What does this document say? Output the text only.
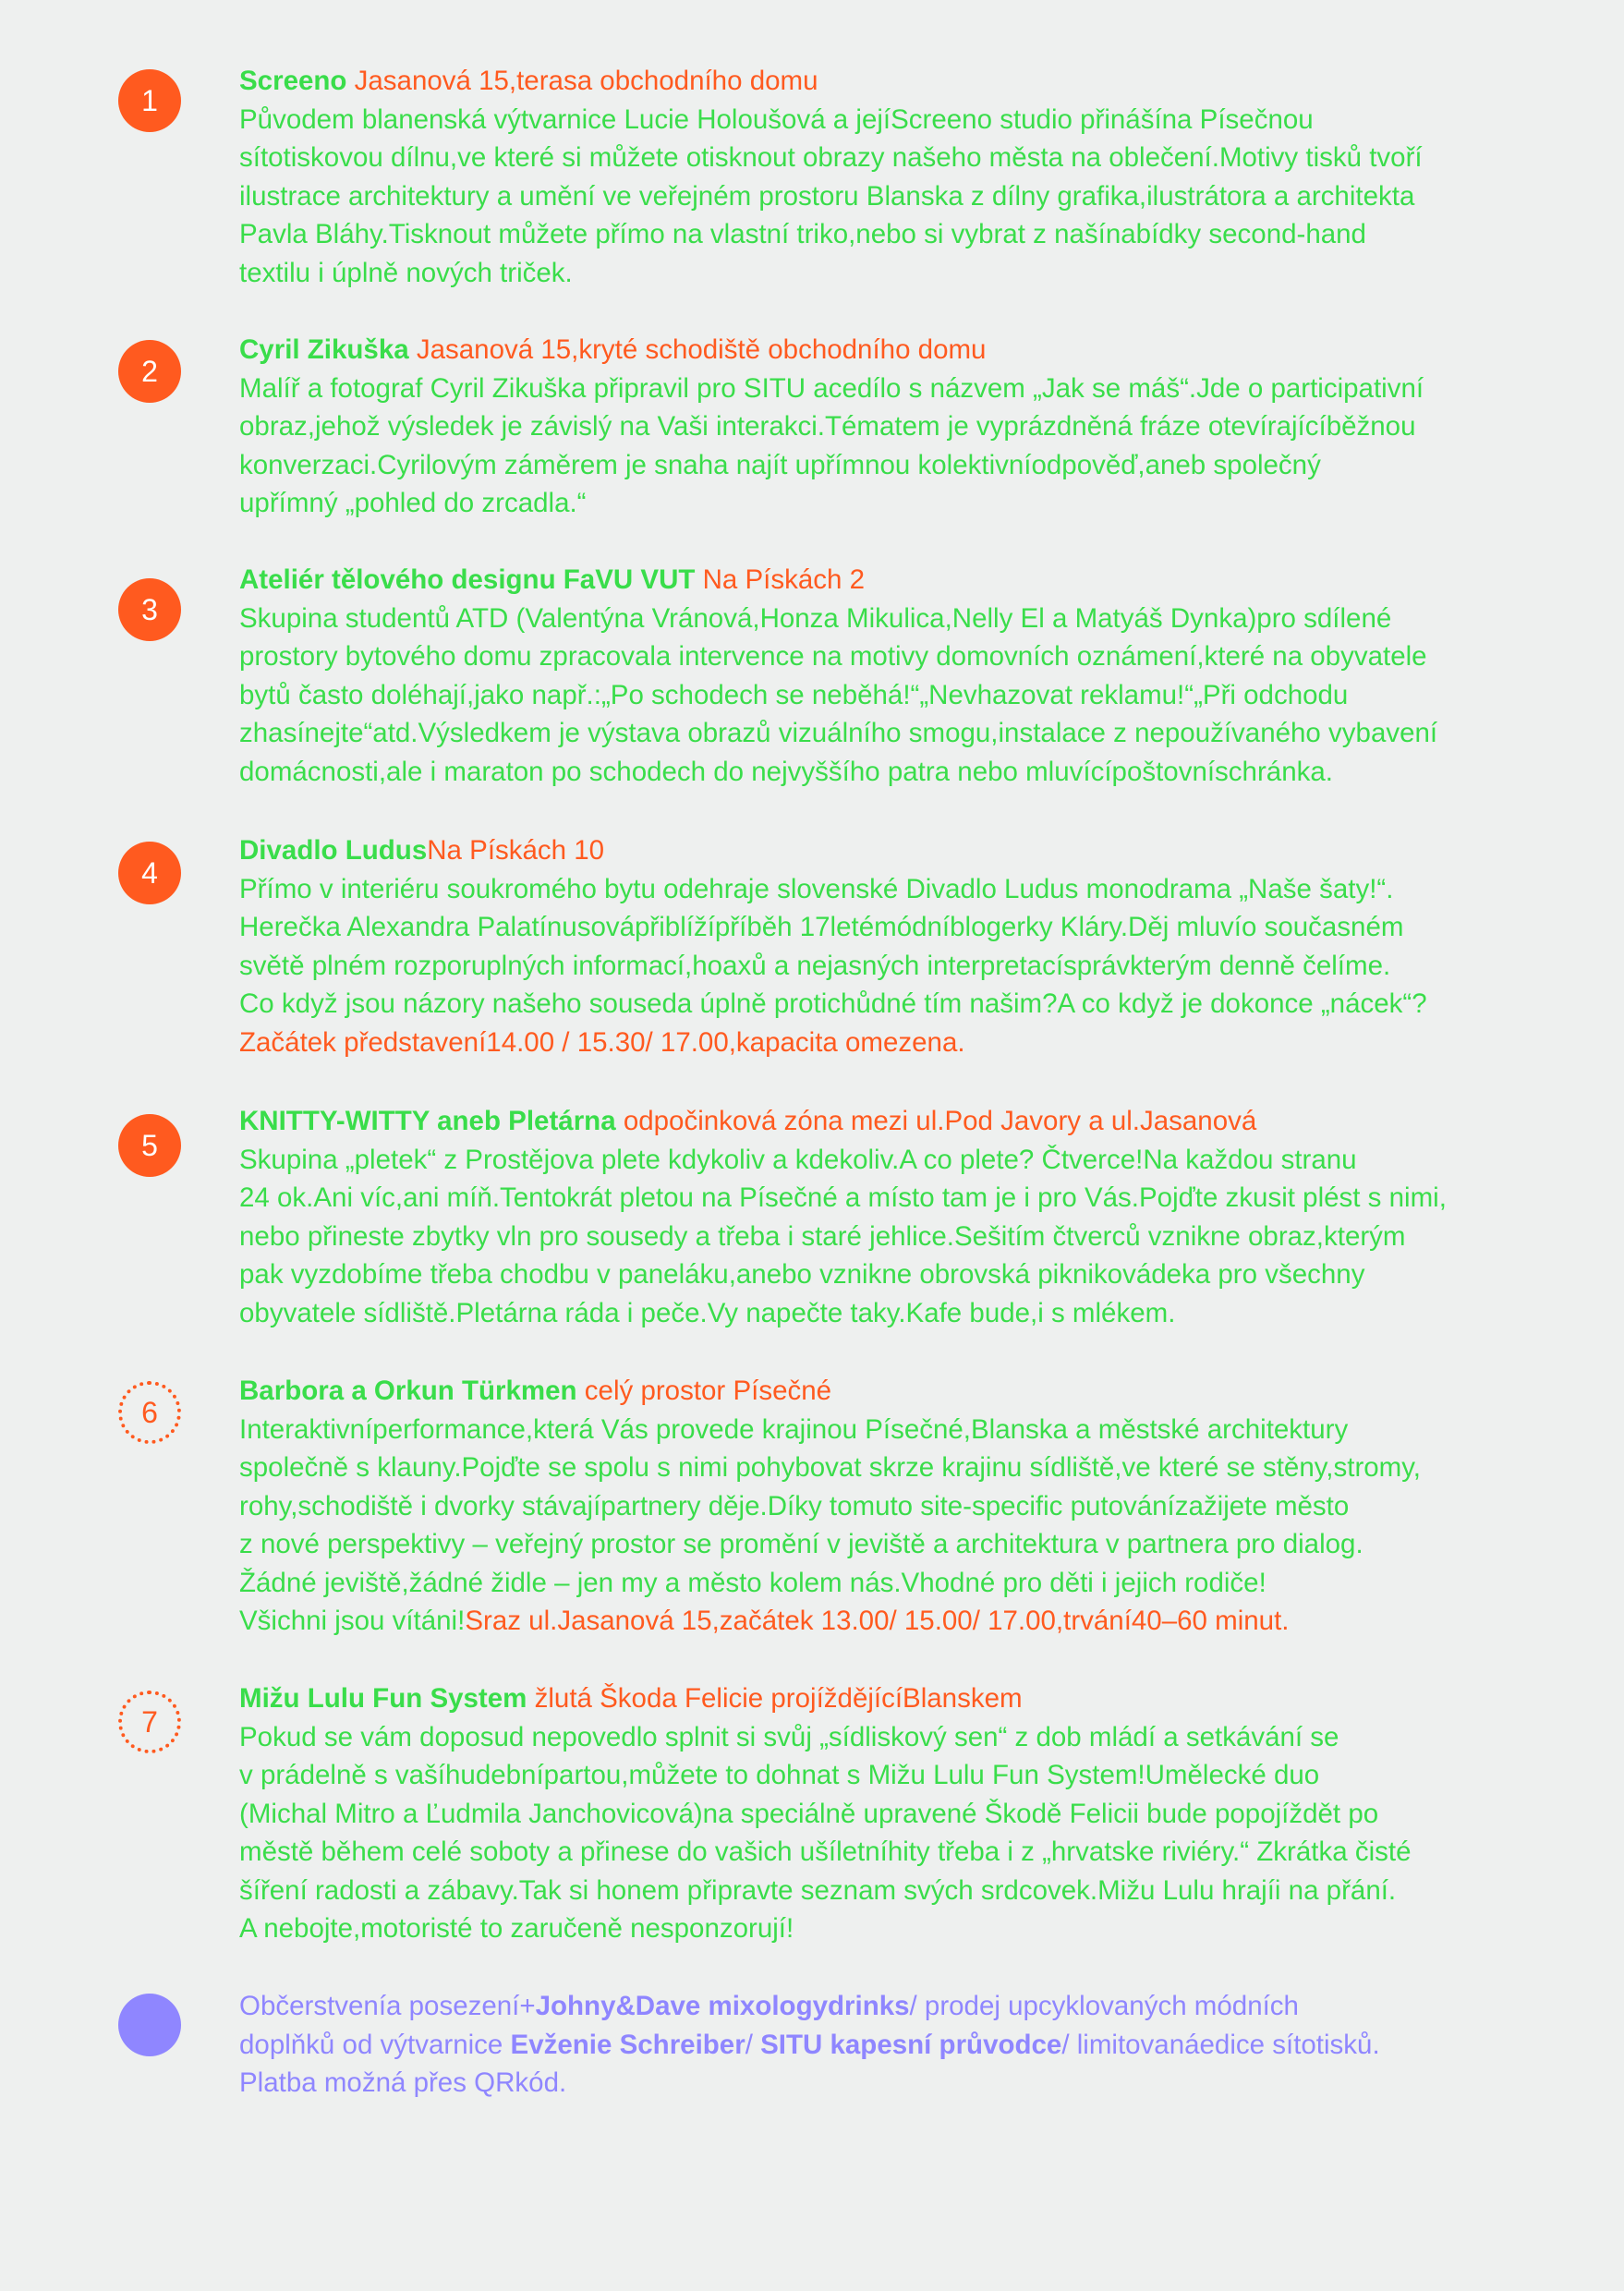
1

Screeno Jasanová 15,terasa obchodního domu

Původem blanenská výtvarnice Lucie Holoušová a jejíScreeno studio přinášína Písečnou

sítotiskovou dílnu,ve které si můžete otisknout obrazy našeho města na oblečení.Motivy tisků tvoří

ilustrace architektury a umění ve veřejném prostoru Blanska z dílny grafika,ilustrátora a architekta

Pavla Bláhy.Tisknout můžete přímo na vlastní triko,nebo si vybrat z našínabídky second-hand

textilu i úplně nových triček.

2

Cyril Zikuška Jasanová 15,kryté schodiště obchodního domu

Malíř a fotograf Cyril Zikuška připravil pro SITU acedílo s názvem „Jak se máš“.Jde o participativní

obraz,jehož výsledek je závislý na Vaši interakci.Tématem je vyprázdněná fráze otevírajícíběžnou

konverzaci.Cyrilovým záměrem je snaha najít upřímnou kolektivníodpověď,aneb společný

upřímný „pohled do zrcadla.“

3

Ateliér tělového designu FaVU VUT Na Pískách 2

Skupina studentů ATD (Valentýna Vránová,Honza Mikulica,Nelly El a Matyáš Dynka)pro sdílené

prostory bytového domu zpracovala intervence na motivy domovních oznámení,které na obyvatele

bytů často doléhají,jako např.:„Po schodech se neběhá!“„Nevhazovat reklamu!“„Při odchodu

zhasínejte“atd.Výsledkem je výstava obrazů vizuálního smogu,instalace z nepoužívaného vybavení

domácnosti,ale i maraton po schodech do nejvyššího patra nebo mluvícípoštovníschránka.

4

Divadlo LudusNa Pískách 10

Přímo v interiéru soukromého bytu odehraje slovenské Divadlo Ludus monodrama „Naše šaty!“.

Herečka Alexandra Palatínusovápřiblížípříběh 17letémódníblogerky Kláry.Děj mluvío současném

světě plném rozporuplných informací,hoaxů a nejasných interpretacísprávkterým denně čelíme.

Co když jsou názory našeho souseda úplně protichůdné tím našim?A co když je dokonce „nácek“?

Začátek představení14.00 / 15.30/ 17.00,kapacita omezena.

5

KNITTY-WITTY aneb Pletárna odpočinková zóna mezi ul.Pod Javory a ul.Jasanová

Skupina „pletek“ z Prostějova plete kdykoliv a kdekoliv.A co plete? Čtverce!Na každou stranu

24 ok.Ani víc,ani míň.Tentokrát pletou na Písečné a místo tam je i pro Vás.Pojďte zkusit plést s nimi,

nebo přineste zbytky vln pro sousedy a třeba i staré jehlice.Sešitím čtverců vznikne obraz,kterým

pak vyzdobíme třeba chodbu v paneláku,anebo vznikne obrovská piknikovádeka pro všechny

obyvatele sídliště.Pletárna ráda i peče.Vy napečte taky.Kafe bude,i s mlékem.

6

Barbora a Orkun Türkmen celý prostor Písečné

Interaktivníperformance,která Vás provede krajinou Písečné,Blanska a městské architektury

společně s klauny.Pojďte se spolu s nimi pohybovat skrze krajinu sídliště,ve které se stěny,stromy,

rohy,schodiště i dvorky stávajípartnery děje.Díky tomuto site-specific putovánízažijete město

z nové perspektivy – veřejný prostor se promění v jeviště a architektura v partnera pro dialog.

Žádné jeviště,žádné židle – jen my a město kolem nás.Vhodné pro děti i jejich rodiče!

Všichni jsou vítáni!Sraz ul.Jasanová 15,začátek 13.00/ 15.00/ 17.00,trvání40–60 minut.

7

Mižu Lulu Fun System žlutá Škoda Felicie projíždějícíBlanskem

Pokud se vám doposud nepovedlo splnit si svůj „sídliskový sen“ z dob mládí a setkávání se

v prádelně s vašíhudebnípartou,můžete to dohnat s Mižu Lulu Fun System!Umělecké duo

(Michal Mitro a Ľudmila Janchovicová)na speciálně upravené Škodě Felicii bude popojíždět po

městě během celé soboty a přinese do vašich ušíletníhity třeba i z „hrvatske riviéry.“ Zkrátka čisté

šíření radosti a zábavy.Tak si honem připravte seznam svých srdcovek.Mižu Lulu hrajíi na přání.

A nebojte,motoristé to zaručeně nesponzorují!

Občerstvenía posezení+Johny&Dave mixologydrinks/ prodej upcyklovaných módních

doplňků od výtvarnice Evženie Schreiber/ SITU kapesní průvodce/ limitovanáedice sítotisků.

Platba možná přes QRkód.
